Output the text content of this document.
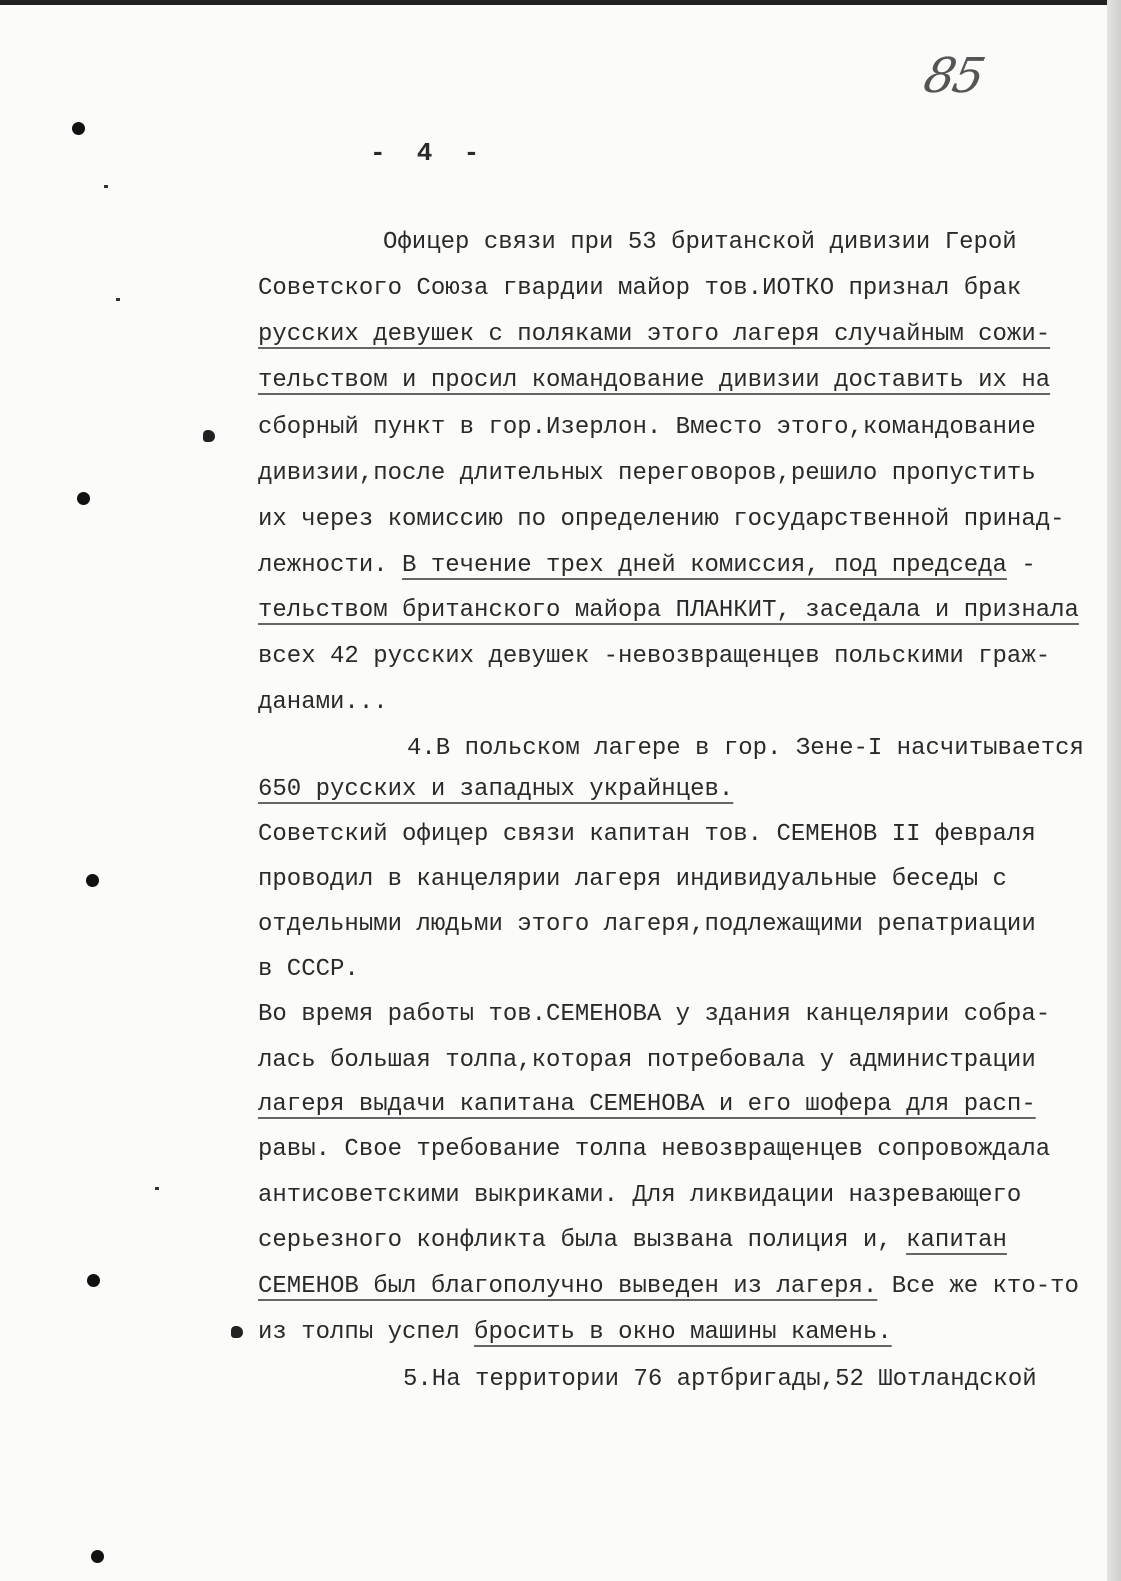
85
-  4  -
Офицер связи при 53 британской дивизии Герой
Советского Союза гвардии майор тов.ИОТКО признал брак
русских девушек с поляками этого лагеря случайным сожи-
тельством и просил командование дивизии доставить их на
сборный пункт в гор.Изерлон. Вместо этого,командование
дивизии,после длительных переговоров,решило пропустить
их через комиссию по определению государственной принад-
лежности. В течение трех дней комиссия, под председа -
тельством британского майора ПЛАНКИТ, заседала и признала
всех 42 русских девушек -невозвращенцев польскими граж-
данами...
4.В польском лагере в гор. Зене-I насчитывается
650 русских и западных украйнцев.
Советский офицер связи капитан тов. СЕМЕНОВ II февраля
проводил в канцелярии лагеря индивидуальные беседы с
отдельными людьми этого лагеря,подлежащими репатриации
в СССР.
Во время работы тов.СЕМЕНОВА у здания канцелярии собра-
лась большая толпа,которая потребовала у администрации
лагеря выдачи капитана СЕМЕНОВА и его шофера для расп-
равы. Свое требование толпа невозвращенцев сопровождала
антисоветскими выкриками. Для ликвидации назревающего
серьезного конфликта была вызвана полиция и, капитан
СЕМЕНОВ был благополучно выведен из лагеря. Все же кто-то
из толпы успел бросить в окно машины камень.
5.На территории 76 артбригады,52 Шотландской
